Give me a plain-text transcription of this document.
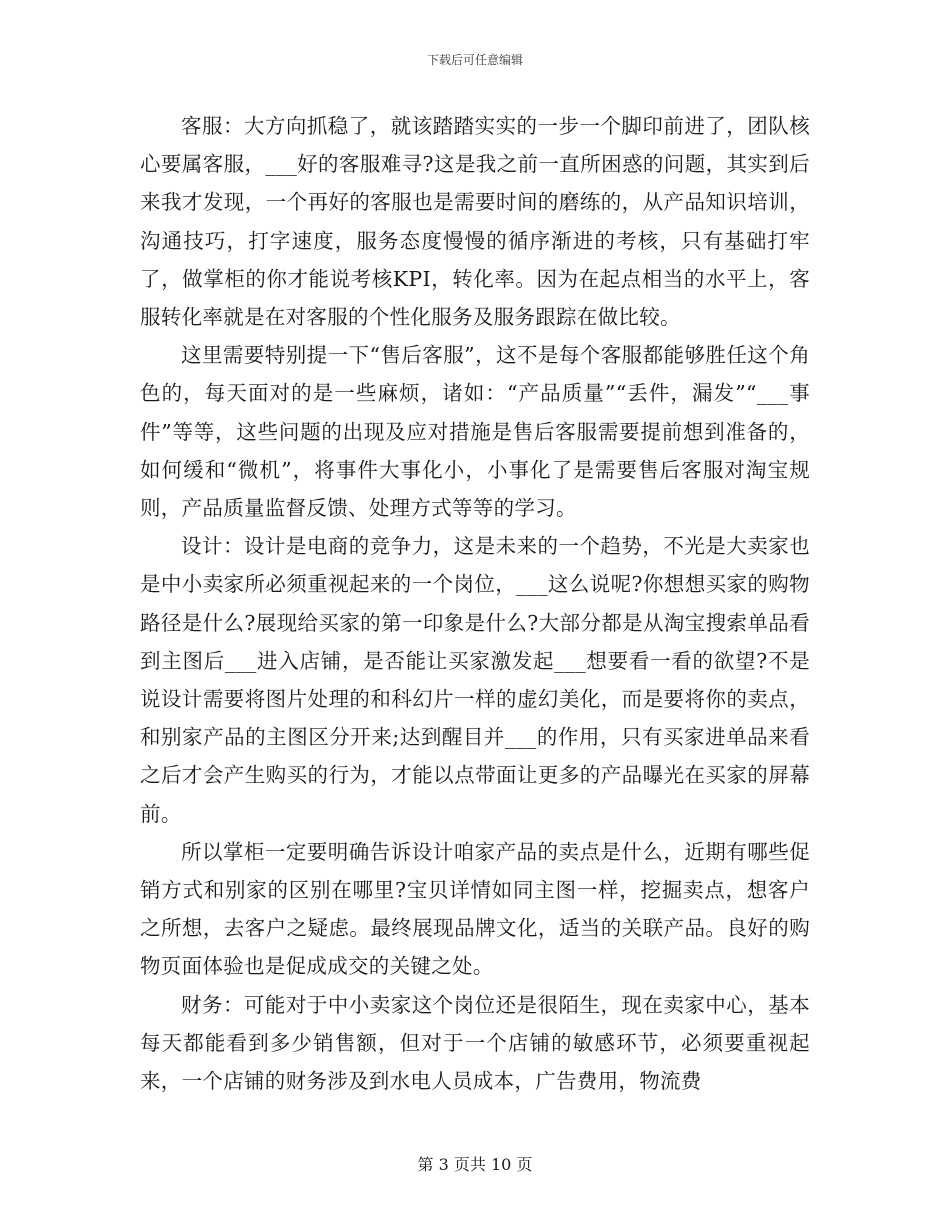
下载后可任意编辑

客服：大方向抓稳了，就该踏踏实实的一步一个脚印前进了，团队核心要属客服，___好的客服难寻?这是我之前一直所困惑的问题，其实到后来我才发现，一个再好的客服也是需要时间的磨练的，从产品知识培训，沟通技巧，打字速度，服务态度慢慢的循序渐进的考核，只有基础打牢了，做掌柜的你才能说考核KPI，转化率。因为在起点相当的水平上，客服转化率就是在对客服的个性化服务及服务跟踪在做比较。

这里需要特别提一下“售后客服”，这不是每个客服都能够胜任这个角色的，每天面对的是一些麻烦，诸如：“产品质量”“丢件，漏发”“___事件”等等，这些问题的出现及应对措施是售后客服需要提前想到准备的，如何缓和“微机”，将事件大事化小，小事化了是需要售后客服对淘宝规则，产品质量监督反馈、处理方式等等的学习。

设计：设计是电商的竞争力，这是未来的一个趋势，不光是大卖家也是中小卖家所必须重视起来的一个岗位，___这么说呢?你想想买家的购物路径是什么?展现给买家的第一印象是什么?大部分都是从淘宝搜索单品看到主图后___进入店铺，是否能让买家激发起___想要看一看的欲望?不是说设计需要将图片处理的和科幻片一样的虚幻美化，而是要将你的卖点，和别家产品的主图区分开来;达到醒目并___的作用，只有买家进单品来看之后才会产生购买的行为，才能以点带面让更多的产品曝光在买家的屏幕前。

所以掌柜一定要明确告诉设计咱家产品的卖点是什么，近期有哪些促销方式和别家的区别在哪里?宝贝详情如同主图一样，挖掘卖点，想客户之所想，去客户之疑虑。最终展现品牌文化，适当的关联产品。良好的购物页面体验也是促成成交的关键之处。

财务：可能对于中小卖家这个岗位还是很陌生，现在卖家中心，基本每天都能看到多少销售额，但对于一个店铺的敏感环节，必须要重视起来，一个店铺的财务涉及到水电人员成本，广告费用，物流费

第 3 页共 10 页
